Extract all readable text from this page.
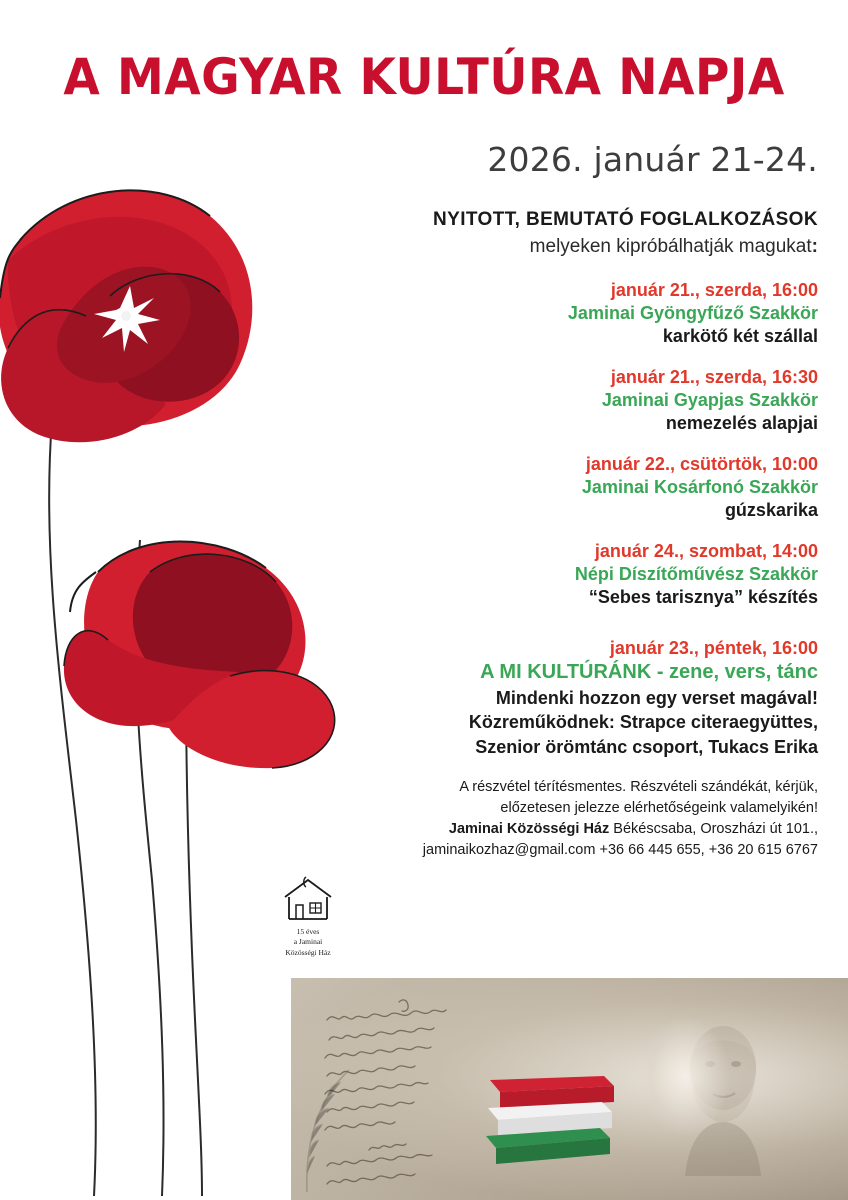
A MAGYAR KULTÚRA NAPJA
2026. január 21-24.
NYITOTT, BEMUTATÓ FOGLALKOZÁSOK
melyeken kipróbálhatják magukat:
január 21., szerda, 16:00
Jaminai Gyöngyfűző Szakkör
karkötő két szállal
január 21., szerda, 16:30
Jaminai Gyapjas Szakkör
nemezelés alapjai
január 22., csütörtök, 10:00
Jaminai Kosárfonó Szakkör
gúzskarika
január 24., szombat, 14:00
Népi Díszítőművész Szakkör
“Sebes tarisznya” készítés
január 23., péntek, 16:00
A MI KULTÚRÁNK - zene, vers, tánc
Mindenki hozzon egy verset magával!
Közreműködnek: Strapce citeraegyüttes,
Szenior örömtánc csoport, Tukacs Erika
A részvétel térítésmentes. Részvételi szándékát, kérjük,
előzetesen jelezze elérhetőségeink valamelyikén!
Jaminai Közösségi Ház Békéscsaba, Oroszházi út 101.,
jaminaikozhaz@gmail.com +36 66 445 655, +36 20 615 6767
15 éves
a Jaminai
Közösségi Ház
